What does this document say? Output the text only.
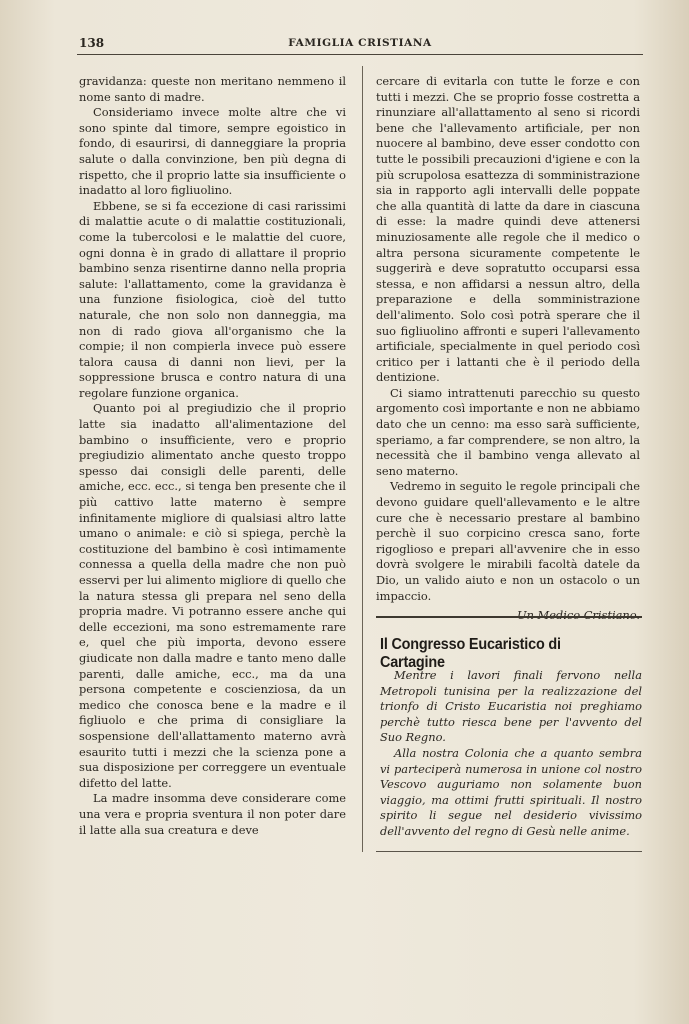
138	FAMIGLIA CRISTIANA

gravidanza: queste non meritano nemmeno il nome santo di madre.

Consideriamo invece molte altre che vi sono spinte dal timore, sempre egoistico in fondo, di esaurirsi, di danneggiare la propria salute o dalla convinzione, ben più degna di rispetto, che il proprio latte sia insufficiente o inadatto al loro figliuolino.

Ebbene, se si fa eccezione di casi rarissimi di malattie acute o di malattie costituzionali, come la tubercolosi e le malattie del cuore, ogni donna è in grado di allattare il proprio bambino senza risentirne danno nella propria salute: l'allattamento, come la gravidanza è una funzione fisiologica, cioè del tutto naturale, che non solo non danneggia, ma non di rado giova all'organismo che la compie; il non compierla invece può essere talora causa di danni non lievi, per la soppressione brusca e contro natura di una regolare funzione organica.

Quanto poi al pregiudizio che il proprio latte sia inadatto all'alimentazione del bambino o insufficiente, vero e proprio pregiudizio alimentato anche questo troppo spesso dai consigli delle parenti, delle amiche, ecc. ecc., si tenga ben presente che il più cattivo latte materno è sempre infinitamente migliore di qualsiasi altro latte umano o animale: e ciò si spiega, perchè la costituzione del bambino è così intimamente connessa a quella della madre che non può esservi per lui alimento migliore di quello che la natura stessa gli prepara nel seno della propria madre. Vi potranno essere anche qui delle eccezioni, ma sono estremamente rare e, quel che più importa, devono essere giudicate non dalla madre e tanto meno dalle parenti, dalle amiche, ecc., ma da una persona competente e coscienziosa, da un medico che conosca bene e la madre e il figliuolo e che prima di consigliare la sospensione dell'allattamento materno avrà esaurito tutti i mezzi che la scienza pone a sua disposizione per correggere un eventuale difetto del latte.

La madre insomma deve considerare come una vera e propria sventura il non poter dare il latte alla sua creatura e deve

cercare di evitarla con tutte le forze e con tutti i mezzi. Che se proprio fosse costretta a rinunziare all'allattamento al seno si ricordi bene che l'allevamento artificiale, per non nuocere al bambino, deve esser condotto con tutte le possibili precauzioni d'igiene e con la più scrupolosa esattezza di somministrazione sia in rapporto agli intervalli delle poppate che alla quantità di latte da dare in ciascuna di esse: la madre quindi deve attenersi minuziosamente alle regole che il medico o altra persona sicuramente competente le suggerirà e deve sopratutto occuparsi essa stessa, e non affidarsi a nessun altro, della preparazione e della somministrazione dell'alimento. Solo così potrà sperare che il suo figliuolino affronti e superi l'allevamento artificiale, specialmente in quel periodo così critico per i lattanti che è il periodo della dentizione.

Ci siamo intrattenuti parecchio su questo argomento così importante e non ne abbiamo dato che un cenno: ma esso sarà sufficiente, speriamo, a far comprendere, se non altro, la necessità che il bambino venga allevato al seno materno.

Vedremo in seguito le regole principali che devono guidare quell'allevamento e le altre cure che è necessario prestare al bambino perchè il suo corpicino cresca sano, forte rigoglioso e prepari all'avvenire che in esso dovrà svolgere le mirabili facoltà datele da Dio, un valido aiuto e non un ostacolo o un impaccio.

Il Congresso Eucaristico di Cartagine

Mentre i lavori finali fervono nella Metropoli tunisina per la realizzazione del trionfo di Cristo Eucaristia noi preghiamo perchè tutto riesca bene per l'avvento del Suo Regno.

Alla nostra Colonia che a quanto sembra vi parteciperà numerosa in unione col nostro Vescovo auguriamo non solamente buon viaggio, ma ottimi frutti spirituali. Il nostro spirito li segue nel desiderio vivissimo dell'avvento del regno di Gesù nelle anime.
